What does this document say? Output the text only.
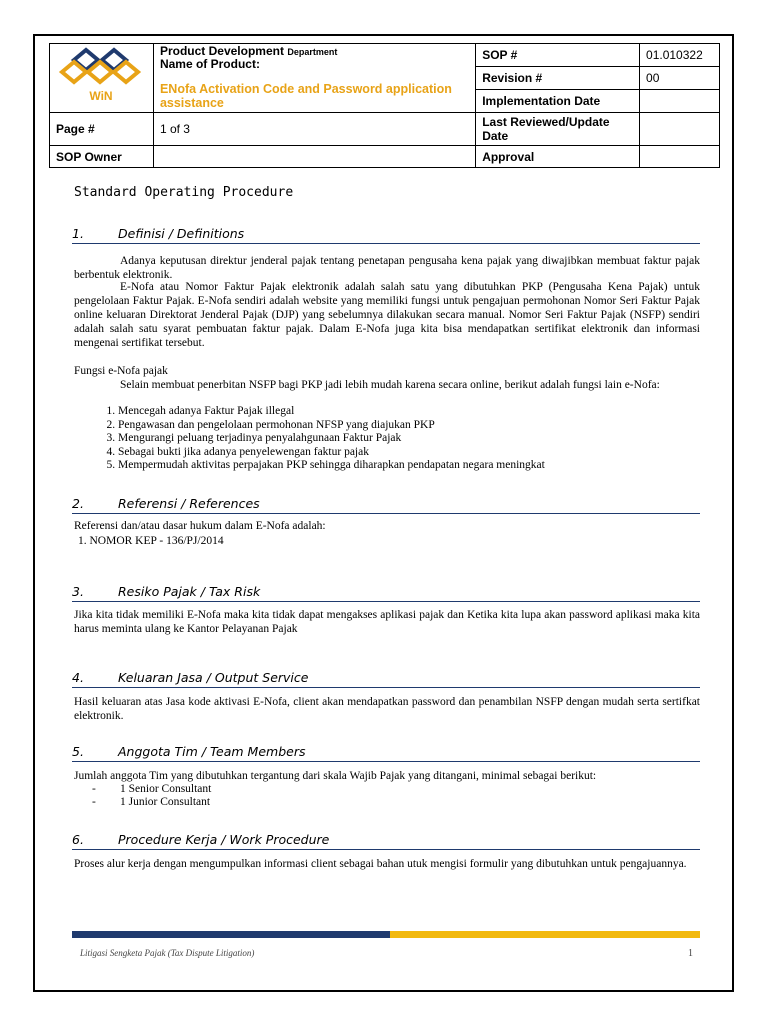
WiN	Product Development Department
Name of Product:
ENofa Activation Code and Password application assistance	SOP #	01.010322
		Revision #	00
		Implementation Date	
Page #	1 of 3	Last Reviewed/Update Date	
SOP Owner		Approval	
Standard Operating Procedure
1.	Definisi / Definitions
Adanya keputusan direktur jenderal pajak tentang penetapan pengusaha kena pajak yang diwajibkan membuat faktur pajak berbentuk elektronik.
E-Nofa atau Nomor Faktur Pajak elektronik adalah salah satu yang dibutuhkan PKP (Pengusaha Kena Pajak) untuk pengelolaan Faktur Pajak. E-Nofa sendiri adalah website yang memiliki fungsi untuk pengajuan permohonan Nomor Seri Faktur Pajak online keluaran Direktorat Jenderal Pajak (DJP) yang sebelumnya dilakukan secara manual. Nomor Seri Faktur Pajak (NSFP) sendiri adalah salah satu syarat pembuatan faktur pajak. Dalam E-Nofa juga kita bisa mendapatkan sertifikat elektronik dan informasi mengenai sertifikat tersebut.
Fungsi e-Nofa pajak
Selain membuat penerbitan NSFP bagi PKP jadi lebih mudah karena secara online, berikut adalah fungsi lain e-Nofa:
1. Mencegah adanya Faktur Pajak illegal
2. Pengawasan dan pengelolaan permohonan NFSP yang diajukan PKP
3. Mengurangi peluang terjadinya penyalahgunaan Faktur Pajak
4. Sebagai bukti jika adanya penyelewengan faktur pajak
5. Mempermudah aktivitas perpajakan PKP sehingga diharapkan pendapatan negara meningkat
2.	Referensi / References
Referensi dan/atau dasar hukum dalam E-Nofa adalah:
1. NOMOR KEP - 136/PJ/2014
3.	Resiko Pajak / Tax Risk
Jika kita tidak memiliki E-Nofa maka kita tidak dapat mengakses aplikasi pajak dan Ketika kita lupa akan password aplikasi maka kita harus meminta ulang ke Kantor Pelayanan Pajak
4.	Keluaran Jasa / Output Service
Hasil keluaran atas Jasa kode aktivasi E-Nofa, client akan mendapatkan password dan penambilan NSFP dengan mudah serta sertifkat elektronik.
5.	Anggota Tim / Team Members
Jumlah anggota Tim yang dibutuhkan tergantung dari skala Wajib Pajak yang ditangani, minimal sebagai berikut:
- 1 Senior Consultant
- 1 Junior Consultant
6.	Procedure Kerja / Work Procedure
Proses alur kerja dengan mengumpulkan informasi client sebagai bahan utuk mengisi formulir yang dibutuhkan untuk pengajuannya.
Litigasi Sengketa Pajak (Tax Dispute Litigation)	1
